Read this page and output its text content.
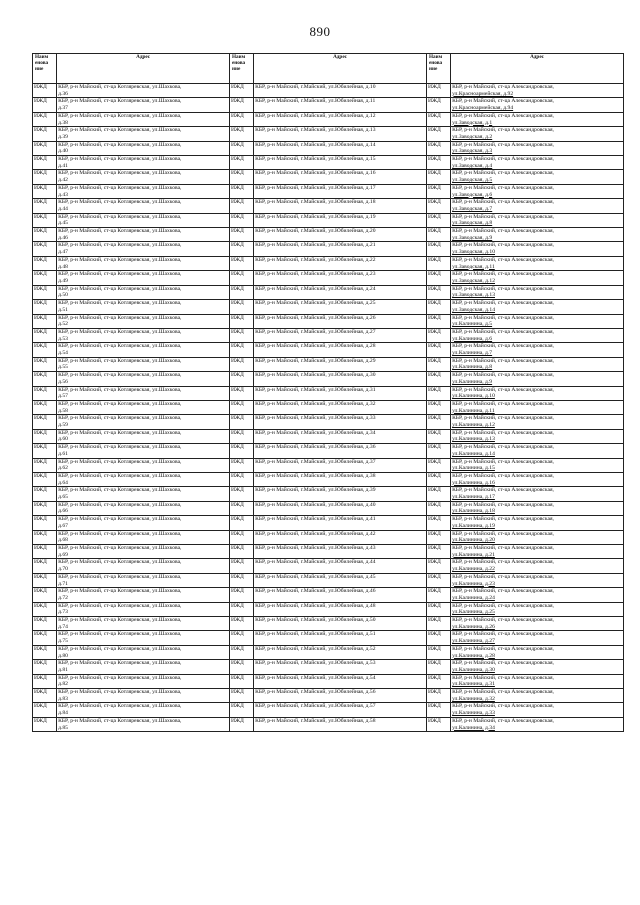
890
Наим
енова
ние	Адрес	Наим
енова
ние	Адрес	Наим
енова
ние	Адрес
ИЖД	КБР, р-н Майский, ст-ца Котляревская, ул.Шахкова,
д.36	ИЖД	КБР, р-н Майский, г.Майский, ул.Юбилейная, д.10	ИЖД	КБР, р-н Майский, ст-ца Александровская,
ул.Красноармейская, д.92

ИЖД	КБР, р-н Майский, ст-ца Котляревская, ул.Шахкова,
д.37	ИЖД	КБР, р-н Майский, г.Майский, ул.Юбилейная, д.11	ИЖД	КБР, р-н Майский, ст-ца Александровская,
ул.Красноармейская, д.94

ИЖД	КБР, р-н Майский, ст-ца Котляревская, ул.Шахкова,
д.38	ИЖД	КБР, р-н Майский, г.Майский, ул.Юбилейная, д.12	ИЖД	КБР, р-н Майский, ст-ца Александровская,
ул.Заводская, д.1

ИЖД	КБР, р-н Майский, ст-ца Котляревская, ул.Шахкова,
д.39	ИЖД	КБР, р-н Майский, г.Майский, ул.Юбилейная, д.13	ИЖД	КБР, р-н Майский, ст-ца Александровская,
ул.Заводская, д.2

ИЖД	КБР, р-н Майский, ст-ца Котляревская, ул.Шахкова,
д.40	ИЖД	КБР, р-н Майский, г.Майский, ул.Юбилейная, д.14	ИЖД	КБР, р-н Майский, ст-ца Александровская,
ул.Заводская, д.3

ИЖД	КБР, р-н Майский, ст-ца Котляревская, ул.Шахкова,
д.41	ИЖД	КБР, р-н Майский, г.Майский, ул.Юбилейная, д.15	ИЖД	КБР, р-н Майский, ст-ца Александровская,
ул.Заводская, д.4

ИЖД	КБР, р-н Майский, ст-ца Котляревская, ул.Шахкова,
д.42	ИЖД	КБР, р-н Майский, г.Майский, ул.Юбилейная, д.16	ИЖД	КБР, р-н Майский, ст-ца Александровская,
ул.Заводская, д.5

ИЖД	КБР, р-н Майский, ст-ца Котляревская, ул.Шахкова,
д.43	ИЖД	КБР, р-н Майский, г.Майский, ул.Юбилейная, д.17	ИЖД	КБР, р-н Майский, ст-ца Александровская,
ул.Заводская, д.6

ИЖД	КБР, р-н Майский, ст-ца Котляревская, ул.Шахкова,
д.44	ИЖД	КБР, р-н Майский, г.Майский, ул.Юбилейная, д.18	ИЖД	КБР, р-н Майский, ст-ца Александровская,
ул.Заводская, д.7

ИЖД	КБР, р-н Майский, ст-ца Котляревская, ул.Шахкова,
д.45	ИЖД	КБР, р-н Майский, г.Майский, ул.Юбилейная, д.19	ИЖД	КБР, р-н Майский, ст-ца Александровская,
ул.Заводская, д.8

ИЖД	КБР, р-н Майский, ст-ца Котляревская, ул.Шахкова,
д.46	ИЖД	КБР, р-н Майский, г.Майский, ул.Юбилейная, д.20	ИЖД	КБР, р-н Майский, ст-ца Александровская,
ул.Заводская, д.9

ИЖД	КБР, р-н Майский, ст-ца Котляревская, ул.Шахкова,
д.47	ИЖД	КБР, р-н Майский, г.Майский, ул.Юбилейная, д.21	ИЖД	КБР, р-н Майский, ст-ца Александровская,
ул.Заводская, д.10

ИЖД	КБР, р-н Майский, ст-ца Котляревская, ул.Шахкова,
д.48	ИЖД	КБР, р-н Майский, г.Майский, ул.Юбилейная, д.22	ИЖД	КБР, р-н Майский, ст-ца Александровская,
ул.Заводская, д.11

ИЖД	КБР, р-н Майский, ст-ца Котляревская, ул.Шахкова,
д.49	ИЖД	КБР, р-н Майский, г.Майский, ул.Юбилейная, д.23	ИЖД	КБР, р-н Майский, ст-ца Александровская,
ул.Заводская, д.12

ИЖД	КБР, р-н Майский, ст-ца Котляревская, ул.Шахкова,
д.50	ИЖД	КБР, р-н Майский, г.Майский, ул.Юбилейная, д.24	ИЖД	КБР, р-н Майский, ст-ца Александровская,
ул.Заводская, д.13

ИЖД	КБР, р-н Майский, ст-ца Котляревская, ул.Шахкова,
д.51	ИЖД	КБР, р-н Майский, г.Майский, ул.Юбилейная, д.25	ИЖД	КБР, р-н Майский, ст-ца Александровская,
ул.Заводская, д.14

ИЖД	КБР, р-н Майский, ст-ца Котляревская, ул.Шахкова,
д.52	ИЖД	КБР, р-н Майский, г.Майский, ул.Юбилейная, д.26	ИЖД	КБР, р-н Майский, ст-ца Александровская,
ул.Калинина, д.5

ИЖД	КБР, р-н Майский, ст-ца Котляревская, ул.Шахкова,
д.53	ИЖД	КБР, р-н Майский, г.Майский, ул.Юбилейная, д.27	ИЖД	КБР, р-н Майский, ст-ца Александровская,
ул.Калинина, д.6

ИЖД	КБР, р-н Майский, ст-ца Котляревская, ул.Шахкова,
д.54	ИЖД	КБР, р-н Майский, г.Майский, ул.Юбилейная, д.28	ИЖД	КБР, р-н Майский, ст-ца Александровская,
ул.Калинина, д.7

ИЖД	КБР, р-н Майский, ст-ца Котляревская, ул.Шахкова,
д.55	ИЖД	КБР, р-н Майский, г.Майский, ул.Юбилейная, д.29	ИЖД	КБР, р-н Майский, ст-ца Александровская,
ул.Калинина, д.8

ИЖД	КБР, р-н Майский, ст-ца Котляревская, ул.Шахкова,
д.56	ИЖД	КБР, р-н Майский, г.Майский, ул.Юбилейная, д.30	ИЖД	КБР, р-н Майский, ст-ца Александровская,
ул.Калинина, д.9

ИЖД	КБР, р-н Майский, ст-ца Котляревская, ул.Шахкова,
д.57	ИЖД	КБР, р-н Майский, г.Майский, ул.Юбилейная, д.31	ИЖД	КБР, р-н Майский, ст-ца Александровская,
ул.Калинина, д.10

ИЖД	КБР, р-н Майский, ст-ца Котляревская, ул.Шахкова,
д.58	ИЖД	КБР, р-н Майский, г.Майский, ул.Юбилейная, д.32	ИЖД	КБР, р-н Майский, ст-ца Александровская,
ул.Калинина, д.11

ИЖД	КБР, р-н Майский, ст-ца Котляревская, ул.Шахкова,
д.59	ИЖД	КБР, р-н Майский, г.Майский, ул.Юбилейная, д.33	ИЖД	КБР, р-н Майский, ст-ца Александровская,
ул.Калинина, д.12

ИЖД	КБР, р-н Майский, ст-ца Котляревская, ул.Шахкова,
д.60	ИЖД	КБР, р-н Майский, г.Майский, ул.Юбилейная, д.34	ИЖД	КБР, р-н Майский, ст-ца Александровская,
ул.Калинина, д.13

ИЖД	КБР, р-н Майский, ст-ца Котляревская, ул.Шахкова,
д.61	ИЖД	КБР, р-н Майский, г.Майский, ул.Юбилейная, д.36	ИЖД	КБР, р-н Майский, ст-ца Александровская,
ул.Калинина, д.14

ИЖД	КБР, р-н Майский, ст-ца Котляревская, ул.Шахкова,
д.62	ИЖД	КБР, р-н Майский, г.Майский, ул.Юбилейная, д.37	ИЖД	КБР, р-н Майский, ст-ца Александровская,
ул.Калинина, д.15

ИЖД	КБР, р-н Майский, ст-ца Котляревская, ул.Шахкова,
д.64	ИЖД	КБР, р-н Майский, г.Майский, ул.Юбилейная, д.38	ИЖД	КБР, р-н Майский, ст-ца Александровская,
ул.Калинина, д.16

ИЖД	КБР, р-н Майский, ст-ца Котляревская, ул.Шахкова,
д.65	ИЖД	КБР, р-н Майский, г.Майский, ул.Юбилейная, д.39	ИЖД	КБР, р-н Майский, ст-ца Александровская,
ул.Калинина, д.17

ИЖД	КБР, р-н Майский, ст-ца Котляревская, ул.Шахкова,
д.66	ИЖД	КБР, р-н Майский, г.Майский, ул.Юбилейная, д.40	ИЖД	КБР, р-н Майский, ст-ца Александровская,
ул.Калинина, д.18

ИЖД	КБР, р-н Майский, ст-ца Котляревская, ул.Шахкова,
д.67	ИЖД	КБР, р-н Майский, г.Майский, ул.Юбилейная, д.41	ИЖД	КБР, р-н Майский, ст-ца Александровская,
ул.Калинина, д.19

ИЖД	КБР, р-н Майский, ст-ца Котляревская, ул.Шахкова,
д.68	ИЖД	КБР, р-н Майский, г.Майский, ул.Юбилейная, д.42	ИЖД	КБР, р-н Майский, ст-ца Александровская,
ул.Калинина, д.20

ИЖД	КБР, р-н Майский, ст-ца Котляревская, ул.Шахкова,
д.69	ИЖД	КБР, р-н Майский, г.Майский, ул.Юбилейная, д.43	ИЖД	КБР, р-н Майский, ст-ца Александровская,
ул.Калинина, д.21

ИЖД	КБР, р-н Майский, ст-ца Котляревская, ул.Шахкова,
д.70	ИЖД	КБР, р-н Майский, г.Майский, ул.Юбилейная, д.44	ИЖД	КБР, р-н Майский, ст-ца Александровская,
ул.Калинина, д.22

ИЖД	КБР, р-н Майский, ст-ца Котляревская, ул.Шахкова,
д.71	ИЖД	КБР, р-н Майский, г.Майский, ул.Юбилейная, д.45	ИЖД	КБР, р-н Майский, ст-ца Александровская,
ул.Калинина, д.23

ИЖД	КБР, р-н Майский, ст-ца Котляревская, ул.Шахкова,
д.72	ИЖД	КБР, р-н Майский, г.Майский, ул.Юбилейная, д.46	ИЖД	КБР, р-н Майский, ст-ца Александровская,
ул.Калинина, д.24

ИЖД	КБР, р-н Майский, ст-ца Котляревская, ул.Шахкова,
д.73	ИЖД	КБР, р-н Майский, г.Майский, ул.Юбилейная, д.48	ИЖД	КБР, р-н Майский, ст-ца Александровская,
ул.Калинина, д.25

ИЖД	КБР, р-н Майский, ст-ца Котляревская, ул.Шахкова,
д.74	ИЖД	КБР, р-н Майский, г.Майский, ул.Юбилейная, д.50	ИЖД	КБР, р-н Майский, ст-ца Александровская,
ул.Калинина, д.26

ИЖД	КБР, р-н Майский, ст-ца Котляревская, ул.Шахкова,
д.75	ИЖД	КБР, р-н Майский, г.Майский, ул.Юбилейная, д.51	ИЖД	КБР, р-н Майский, ст-ца Александровская,
ул.Калинина, д.27

ИЖД	КБР, р-н Майский, ст-ца Котляревская, ул.Шахкова,
д.80	ИЖД	КБР, р-н Майский, г.Майский, ул.Юбилейная, д.52	ИЖД	КБР, р-н Майский, ст-ца Александровская,
ул.Калинина, д.28

ИЖД	КБР, р-н Майский, ст-ца Котляревская, ул.Шахкова,
д.81	ИЖД	КБР, р-н Майский, г.Майский, ул.Юбилейная, д.53	ИЖД	КБР, р-н Майский, ст-ца Александровская,
ул.Калинина, д.30

ИЖД	КБР, р-н Майский, ст-ца Котляревская, ул.Шахкова,
д.82	ИЖД	КБР, р-н Майский, г.Майский, ул.Юбилейная, д.54	ИЖД	КБР, р-н Майский, ст-ца Александровская,
ул.Калинина, д.31

ИЖД	КБР, р-н Майский, ст-ца Котляревская, ул.Шахкова,
д.83	ИЖД	КБР, р-н Майский, г.Майский, ул.Юбилейная, д.56	ИЖД	КБР, р-н Майский, ст-ца Александровская,
ул.Калинина, д.32

ИЖД	КБР, р-н Майский, ст-ца Котляревская, ул.Шахкова,
д.84	ИЖД	КБР, р-н Майский, г.Майский, ул.Юбилейная, д.57	ИЖД	КБР, р-н Майский, ст-ца Александровская,
ул.Калинина, д.33

ИЖД	КБР, р-н Майский, ст-ца Котляревская, ул.Шахкова,
д.85	ИЖД	КБР, р-н Майский, г.Майский, ул.Юбилейная, д.58	ИЖД	КБР, р-н Майский, ст-ца Александровская,
ул.Калинина, д.34
